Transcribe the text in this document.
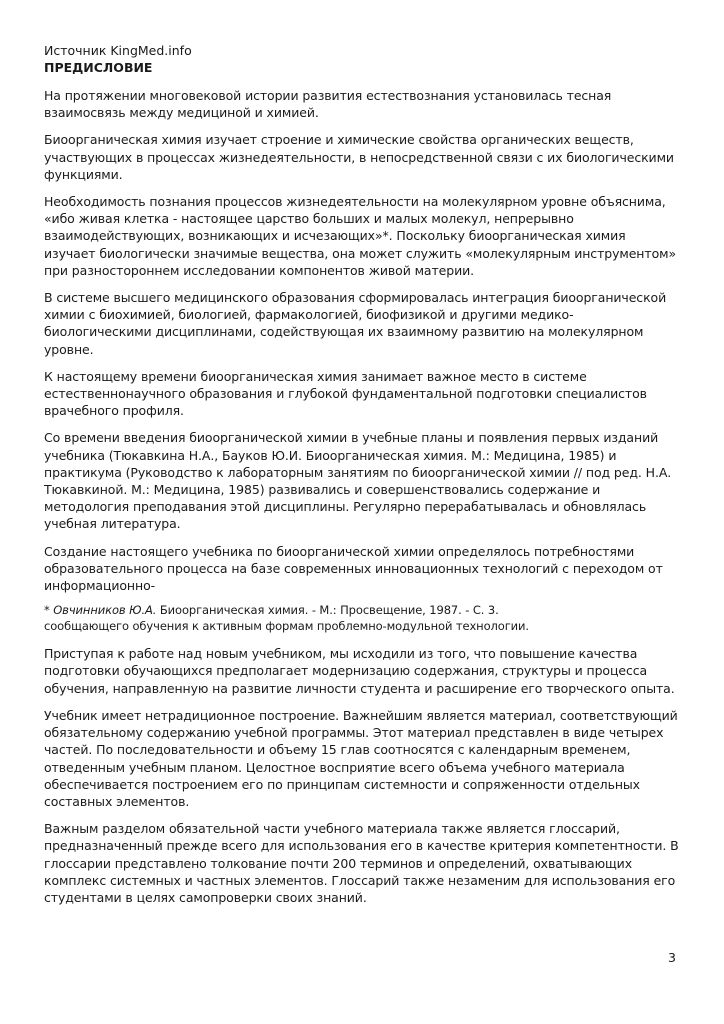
Источник KingMed.info

ПРЕДИСЛОВИЕ

На протяжении многовековой истории развития естествознания установилась тесная взаимосвязь между медициной и химией.

Биоорганическая химия изучает строение и химические свойства органических веществ, участвующих в процессах жизнедеятельности, в непосредственной связи с их биологическими функциями.

Необходимость познания процессов жизнедеятельности на молекулярном уровне объяснима, «ибо живая клетка - настоящее царство больших и малых молекул, непрерывно взаимодействующих, возникающих и исчезающих»*. Поскольку биоорганическая химия изучает биологически значимые вещества, она может служить «молекулярным инструментом» при разностороннем исследовании компонентов живой материи.

В системе высшего медицинского образования сформировалась интеграция биоорганической химии с биохимией, биологией, фармакологией, биофизикой и другими медико-биологическими дисциплинами, содействующая их взаимному развитию на молекулярном уровне.

К настоящему времени биоорганическая химия занимает важное место в системе естественнонаучного образования и глубокой фундаментальной подготовки специалистов врачебного профиля.

Со времени введения биоорганической химии в учебные планы и появления первых изданий учебника (Тюкавкина Н.А., Бауков Ю.И. Биоорганическая химия. М.: Медицина, 1985) и практикума (Руководство к лабораторным занятиям по биоорганической химии // под ред. Н.А. Тюкавкиной. М.: Медицина, 1985) развивались и совершенствовались содержание и методология преподавания этой дисциплины. Регулярно перерабатывалась и обновлялась учебная литература.

Создание настоящего учебника по биоорганической химии определялось потребностями образовательного процесса на базе современных инновационных технологий с переходом от информационно-

* Овчинников Ю.А. Биоорганическая химия. - М.: Просвещение, 1987. - С. 3.

сообщающего обучения к активным формам проблемно-модульной технологии.

Приступая к работе над новым учебником, мы исходили из того, что повышение качества подготовки обучающихся предполагает модернизацию содержания, структуры и процесса обучения, направленную на развитие личности студента и расширение его творческого опыта.

Учебник имеет нетрадиционное построение. Важнейшим является материал, соответствующий обязательному содержанию учебной программы. Этот материал представлен в виде четырех частей. По последовательности и объему 15 глав соотносятся с календарным временем, отведенным учебным планом. Целостное восприятие всего объема учебного материала обеспечивается построением его по принципам системности и сопряженности отдельных составных элементов.

Важным разделом обязательной части учебного материала также является глоссарий, предназначенный прежде всего для использования его в качестве критерия компетентности. В глоссарии представлено толкование почти 200 терминов и определений, охватывающих комплекс системных и частных элементов. Глоссарий также незаменим для использования его студентами в целях самопроверки своих знаний.

3
